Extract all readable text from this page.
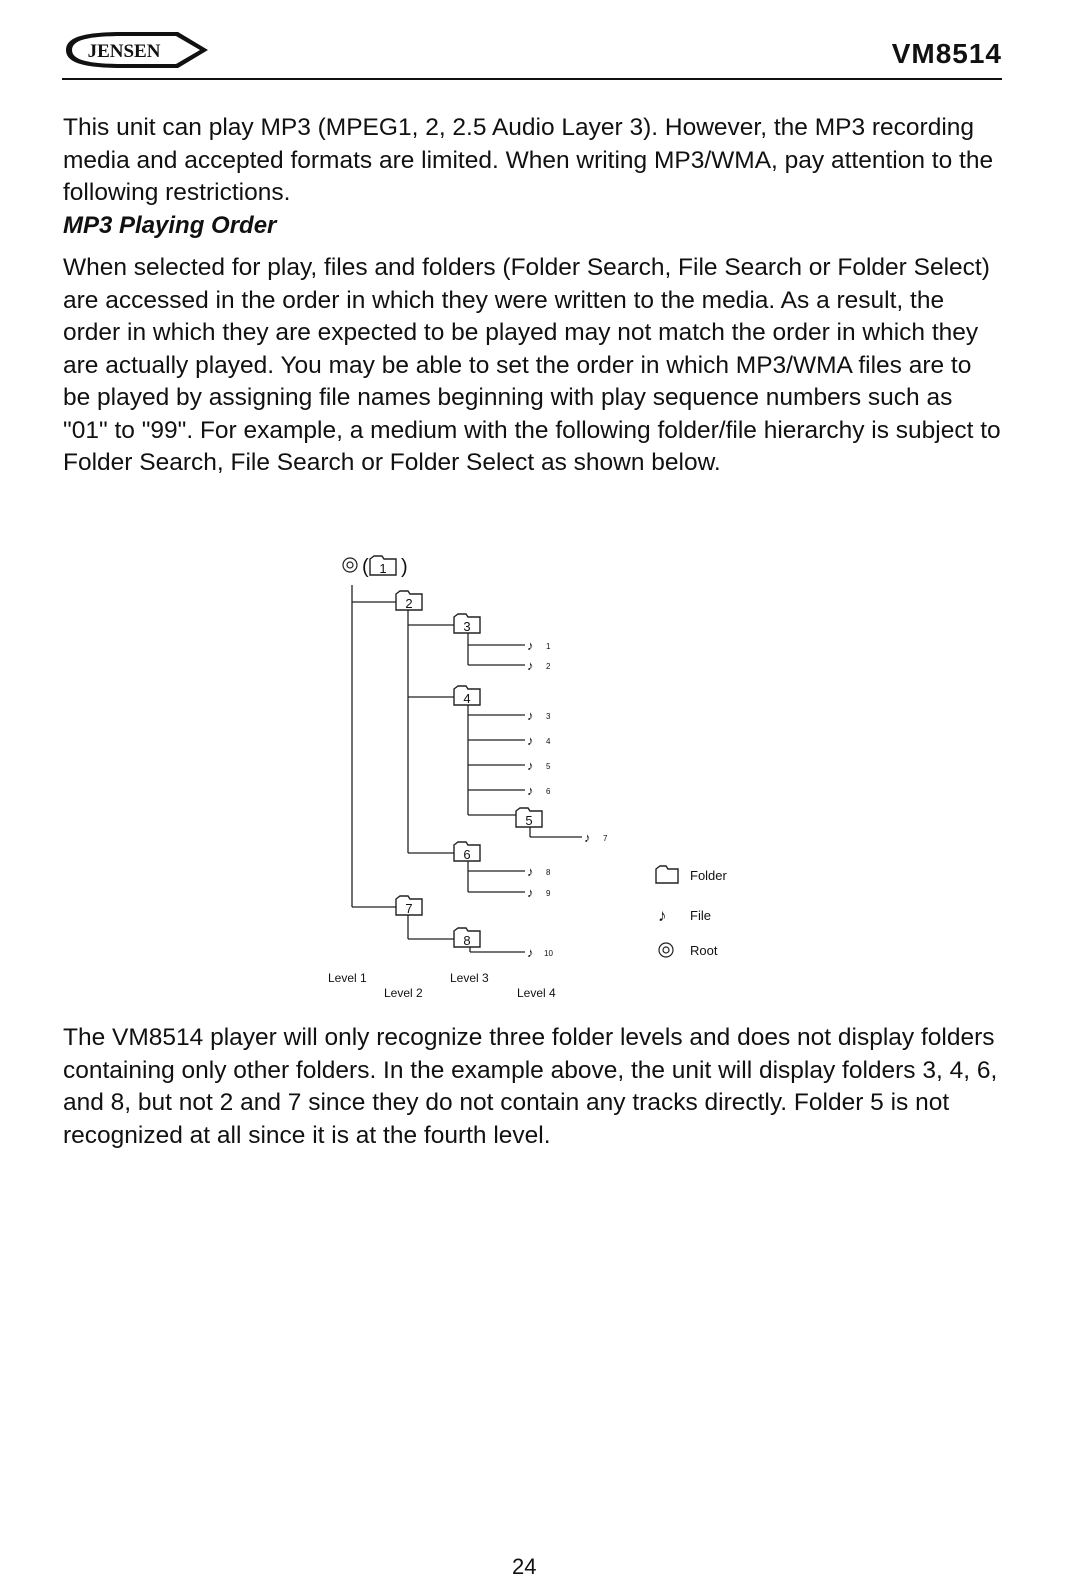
JENSEN	VM8514

This unit can play MP3 (MPEG1, 2, 2.5 Audio Layer 3). However, the MP3 recording media and accepted formats are limited. When writing MP3/WMA, pay attention to the following restrictions.

MP3 Playing Order

When selected for play, files and folders (Folder Search, File Search or Folder Select) are accessed in the order in which they were written to the media. As a result, the order in which they are expected to be played may not match the order in which they are actually played. You may be able to set the order in which MP3/WMA files are to be played by assigning file names beginning with play sequence numbers such as "01" to "99". For example, a medium with the following folder/file hierarchy is subject to Folder Search, File Search or Folder Select as shown below.

( )
1
2
3
4
5
6
7
8
♪ 1
♪ 2
♪ 3
♪ 4
♪ 5
♪ 6
♪ 7
♪ 8
♪ 9
♪ 10
Folder
♪ File
Root
Level 1
Level 2
Level 3
Level 4

The VM8514 player will only recognize three folder levels and does not display folders containing only other folders. In the example above, the unit will display folders 3, 4, 6, and 8, but not 2 and 7 since they do not contain any tracks directly. Folder 5 is not recognized at all since it is at the fourth level.

24
